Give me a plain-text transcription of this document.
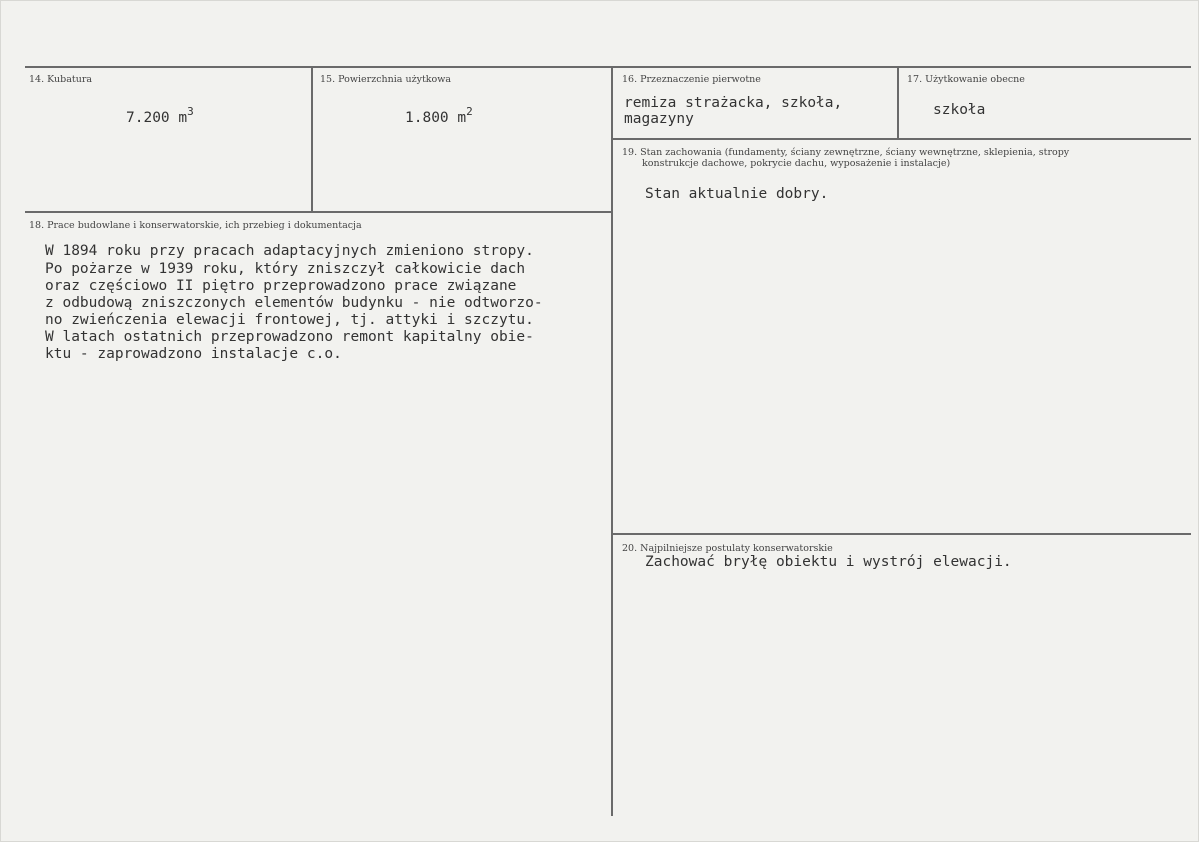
14. Kubatura
7.200 $m^3$
15. Powierzchnia użytkowa
1.800 $m^2$
16. Przeznaczenie pierwotne
remiza strażacka, szkoła,
magazyny
17. Użytkowanie obecne
szkoła
18. Prace budowlane i konserwatorskie, ich przebieg i dokumentacja
W 1894 roku przy pracach adaptacyjnych zmieniono stropy.
Po pożarze w 1939 roku, który zniszczył całkowicie dach
oraz częściowo II piętro przeprowadzono prace związane
z odbudową zniszczonych elementów budynku - nie odtworzo-
no zwieńczenia elewacji frontowej, tj. attyki i szczytu.
W latach ostatnich przeprowadzono remont kapitalny obie-
ktu - zaprowadzono instalacje c.o.
19. Stan zachowania (fundamenty, ściany zewnętrzne, ściany wewnętrzne, sklepienia, stropy
konstrukcje dachowe, pokrycie dachu, wyposażenie i instalacje)
Stan aktualnie dobry.
20. Najpilniejsze postulaty konserwatorskie
Zachować bryłę obiektu i wystrój elewacji.
